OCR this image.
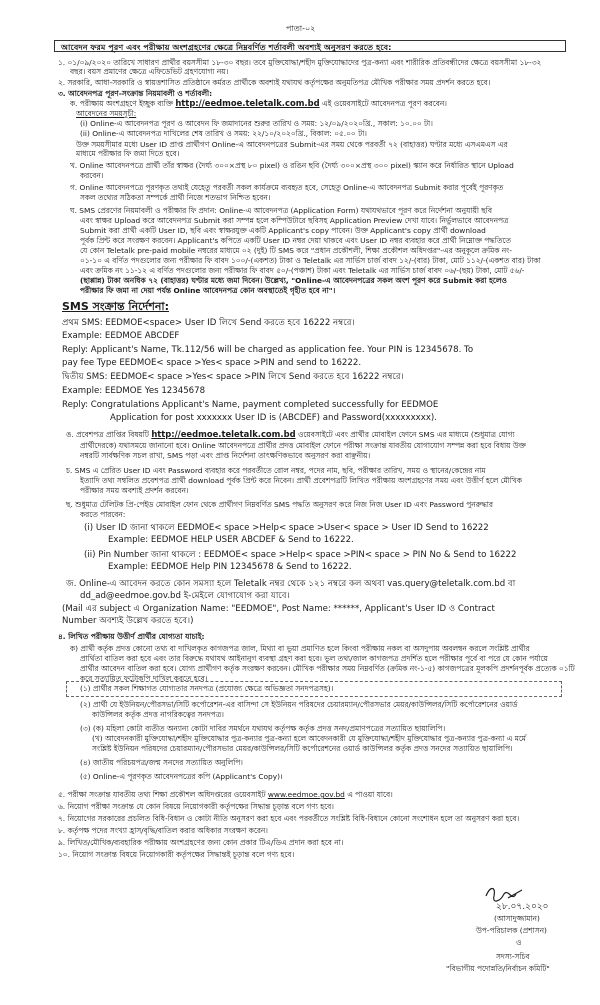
পাতা-০২
আবেদন ফরম পূরণ এবং পরীক্ষায় অংশগ্রহণের ক্ষেত্রে নিম্নবর্ণিত শর্তাবলী অবশ্যই অনুসরণ করতে হবে:
১. ০১/০৯/২০২০ তারিখে সাধারণ প্রার্থীর বয়সসীমা ১৮-৩০ বছর। তবে মুক্তিযোদ্ধা/শহীদ মুক্তিযোদ্ধাদের পুত্র-কন্যা এবং শারীরিক প্রতিবন্ধীদের ক্ষেত্রে বয়সসীমা ১৮-৩২
বছর। বয়স প্রমাণের ক্ষেত্রে এফিডেভিট গ্রহণযোগ্য নয়।
২. সরকারি, আধা-সরকারি ও স্বায়ত্তশাসিত প্রতিষ্ঠানে কর্মরত প্রার্থীকে অবশ্যই যথাযথ কর্তৃপক্ষের অনুমতিপত্র মৌখিক পরীক্ষার সময় প্রদর্শন করতে হবে।
৩. আবেদনপত্র পূরণ-সংক্রান্ত নিয়মাবলী ও শর্তাবলী:
ক. পরীক্ষায় অংশগ্রহণে ইচ্ছুক ব্যক্তি http://eedmoe.teletalk.com.bd এই ওয়েবসাইটে আবেদনপত্র পূরণ করবেন।
আবেদনের সময়সূচী:
(i) Online-এ আবেদনপত্র পূরণ ও আবেদন ফি জমাদানের শুরুর তারিখ ও সময়: ১২/০৯/২০২০খ্রি., সকাল: ১০.০০ টা।
(ii) Online-এ আবেদনপত্র দাখিলের শেষ তারিখ ও সময়: ২২/১০/২০২০খ্রি., বিকাল: ০৫.০০ টা।
উক্ত সময়সীমার মধ্যে User ID প্রাপ্ত প্রার্থীগণ Online-এ আবেদনপত্রের Submit-এর সময় থেকে পরবর্তী ৭২ (বাহাত্তর) ঘণ্টার মধ্যে এসএমএস এর
মাধ্যমে পরীক্ষার ফি জমা দিতে হবে।
খ. Online আবেদনপত্রে প্রার্থী তাঁর স্বাক্ষর (দৈর্ঘ্য ৩০০×প্রস্থ ৮০ pixel) ও রঙিন ছবি (দৈর্ঘ্য ৩০০×প্রস্থ ৩০০ pixel) স্ক্যান করে নির্ধারিত স্থানে Upload
করবেন।
গ. Online আবেদনপত্রে পূরণকৃত তথ্যই যেহেতু পরবর্তী সকল কার্যক্রমে ব্যবহৃত হবে, সেহেতু Online-এ আবেদনপত্র Submit করার পূর্বেই পূরণকৃত
সকল তথ্যের সঠিকতা সম্পর্কে প্রার্থী নিজে শতভাগ নিশ্চিত হবেন।
ঘ. SMS প্রেরণের নিয়মাবলী ও পরীক্ষার ফি প্রদান: Online-এ আবেদনপত্র (Application Form) যথাযথভাবে পূরণ করে নির্দেশনা অনুযায়ী ছবি
এবং স্বাক্ষর Upload করে আবেদনপত্র Submit করা সম্পন্ন হলে কম্পিউটারে ছবিসহ Application Preview দেখা যাবে। নির্ভুলভাবে আবেদনপত্র
Submit করা প্রার্থী একটি User ID, ছবি এবং স্বাক্ষরযুক্ত একটি Applicant's copy পাবেন। উক্ত Applicant's copy প্রার্থী download
পূর্বক প্রিন্ট করে সংরক্ষণ করবেন। Applicant's কপিতে একটি User ID নম্বর দেয়া থাকবে এবং User ID নম্বর ব্যবহার করে প্রার্থী নিম্নোক্ত পদ্ধতিতে
যে কোন Teletalk pre-paid mobile নম্বরের মাধ্যমে ০২ (দুই) টি SMS করে "প্রধান প্রকৌশলী, শিক্ষা প্রকৌশল অধিদপ্তর"-এর অনুকূলে ক্রমিক নং-
০১-১০ এ বর্ণিত পদগুলোর জন্য পরীক্ষার ফি বাবদ ১০০/-(একশত) টাকা ও Teletalk এর সার্ভিস চার্জ বাবদ ১২/-(বার) টাকা, মোট ১১২/-(একশত বার) টাকা
এবং ক্রমিক নং ১১-১২ এ বর্ণিত পদগুলোর জন্য পরীক্ষার ফি বাবদ ৫০/-(পঞ্চাশ) টাকা এবং Teletalk এর সার্ভিস চার্জ বাবদ ০৬/-(ছয়) টাকা, মোট ৫৬/-
(ছাপ্পান্ন) টাকা অনধিক ৭২ (বাহাত্তর) ঘণ্টার মধ্যে জমা দিবেন। উল্লেখ্য, "Online-এ আবেদনপত্রের সকল অংশ পূরণ করে Submit করা হলেও
পরীক্ষার ফি জমা না দেয়া পর্যন্ত Online আবেদনপত্র কোন অবস্থাতেই গৃহীত হবে না"।
SMS সংক্রান্ত নির্দেশনা:
প্রথম SMS: EEDMOE<space> User ID লিখে Send করতে হবে 16222 নম্বরে।
Example: EEDMOE ABCDEF
Reply: Applicant's Name, Tk.112/56 will be charged as application fee. Your PIN is 12345678. To
pay fee Type EEDMOE< space >Yes< space >PIN and send to 16222.
দ্বিতীয় SMS: EEDMOE< space >Yes< space >PIN লিখে Send করতে হবে 16222 নম্বরে।
Example: EEDMOE Yes 12345678
Reply: Congratulations Applicant's Name, payment completed successfully for EEDMOE
Application for post xxxxxxx User ID is (ABCDEF) and Password(xxxxxxxxx).
ঙ. প্রবেশপত্র প্রাপ্তির বিষয়টি http://eedmoe.teletalk.com.bd ওয়েবসাইটে এবং প্রার্থীর মোবাইল ফোনে SMS এর মাধ্যমে (শুধুমাত্র যোগ্য
প্রার্থীদেরকে) যথাসময়ে জানানো হবে। Online আবেদনপত্রে প্রার্থীর প্রদত্ত মোবাইল ফোনে পরীক্ষা সংক্রান্ত যাবতীয় যোগাযোগ সম্পন্ন করা হবে বিধায় উক্ত
নম্বরটি সার্বক্ষণিক সচল রাখা, SMS পড়া এবং প্রাপ্ত নির্দেশনা তাৎক্ষণিকভাবে অনুসরণ করা বাঞ্ছনীয়।
চ. SMS এ প্রেরিত User ID এবং Password ব্যবহার করে পরবর্তীতে রোল নম্বর, পদের নাম, ছবি, পরীক্ষার তারিখ, সময় ও স্থানের/কেন্দ্রের নাম
ইত্যাদি তথ্য সম্বলিত প্রবেশপত্র প্রার্থী download পূর্বক প্রিন্ট করে নিবেন। প্রার্থী প্রবেশপত্রটি লিখিত পরীক্ষায় অংশগ্রহণের সময় এবং উত্তীর্ণ হলে মৌখিক
পরীক্ষার সময় অবশ্যই প্রদর্শন করবেন।
ছ. শুধুমাত্র টেলিটক প্রি-পেইড মোবাইল ফোন থেকে প্রার্থীগণ নিম্নবর্ণিত SMS পদ্ধতি অনুসরণ করে নিজ নিজ User ID এবং Password পুনরুদ্ধার
করতে পারবেন:
(i) User ID জানা থাকলে EEDMOE< space >Help< space >User< space > User ID Send to 16222
Example: EEDMOE HELP USER ABCDEF & Send to 16222.
(ii) Pin Number জানা থাকলে : EEDMOE< space >Help< space >PIN< space > PIN No & Send to 16222
Example: EEDMOE Help PIN 12345678 & Send to 16222.
জ. Online-এ আবেদন করতে কোন সমস্যা হলে Teletalk নম্বর থেকে ১২১ নম্বরে কল অথবা vas.query@teletalk.com.bd বা
dd_ad@eedmoe.gov.bd ই-মেইলে যোগাযোগ করা যাবে।
(Mail এর subject এ Organization Name: "EEDMOE", Post Name: ******, Applicant's User ID ও Contract
Number অবশ্যই উল্লেখ করতে হবে।)
৪. লিখিত পরীক্ষায় উত্তীর্ণ প্রার্থীর যোগ্যতা যাচাই:
ক) প্রার্থী কর্তৃক প্রদত্ত কোনো তথ্য বা দাখিলকৃত কাগজপত্র জাল, মিথ্যা বা ভুয়া প্রমাণিত হলে কিংবা পরীক্ষায় নকল বা অসদুপায় অবলম্বন করলে সংশ্লিষ্ট প্রার্থীর
প্রার্থিতা বাতিল করা হবে এবং তার বিরুদ্ধে যথাযথ আইনানুগ ব্যবস্থা গ্রহণ করা হবে। ভুল তথ্য/জাল কাগজপত্র প্রদর্শিত হলে পরীক্ষার পূর্বে বা পরে যে কোন পর্যায়ে
প্রার্থীর আবেদন বাতিল করা হবে। যোগ্য প্রার্থীগণ কর্তৃক সংরক্ষণ করবেন। মৌখিক পরীক্ষার সময় নিম্নবর্ণিত (ক্রমিক নং-১-৫) কাগজপত্রের মূলকপি প্রদর্শনপূর্বক প্রত্যেক ০১টি
করে সত্যায়িত ফটোকপি দাখিল করতে হবে।
(১) প্রার্থীর সকল শিক্ষাগত যোগ্যতার সনদপত্র (প্রযোজ্য ক্ষেত্রে অভিজ্ঞতা সনদপত্রসহ)।
(২) প্রার্থী যে ইউনিয়ন/পৌরসভা/সিটি কর্পোরেশন-এর বাসিন্দা সে ইউনিয়ন পরিষদের চেয়ারম্যান/পৌরসভার মেয়র/কাউন্সিলর/সিটি কর্পোরেশনের ওয়ার্ড
কাউন্সিলর কর্তৃক প্রদত্ত নাগরিকত্বের সনদপত্র।
(৩) (ক) মহিলা কোটা ব্যতীত অন্যান্য কোটা দাবির সমর্থনে যথাযথ কর্তৃপক্ষ কর্তৃক প্রদত্ত সনদ/প্রমাণপত্রের সত্যায়িত ছায়ালিপি।
(খ) আবেদনকারী মুক্তিযোদ্ধা/শহীদ মুক্তিযোদ্ধার পুত্র-কন্যার পুত্র-কন্যা হলে আবেদনকারী যে মুক্তিযোদ্ধা/শহীদ মুক্তিযোদ্ধার পুত্র-কন্যার পুত্র-কন্যা এ মর্মে
সংশ্লিষ্ট ইউনিয়ন পরিষদের চেয়ারম্যান/পৌরসভার মেয়র/কাউন্সিলর/সিটি কর্পোরেশনের ওয়ার্ড কাউন্সিলর কর্তৃক প্রদত্ত সনদের সত্যায়িত ছায়ালিপি।
(৪) জাতীয় পরিচয়পত্র/জন্ম সনদের সত্যায়িত অনুলিপি।
(৫) Online-এ পূরণকৃত আবেদনপত্রের কপি (Applicant's Copy)।
৫. পরীক্ষা সংক্রান্ত যাবতীয় তথ্য শিক্ষা প্রকৌশল অধিদপ্তরের ওয়েবসাইট www.eedmoe.gov.bd এ পাওয়া যাবে।
৬. নিয়োগ পরীক্ষা সংক্রান্ত যে কোন বিষয়ে নিয়োগকারী কর্তৃপক্ষের সিদ্ধান্ত চূড়ান্ত বলে গণ্য হবে।
৭. নিয়োগের সরকারের প্রচলিত বিধি-বিধান ও কোটা নীতি অনুসরণ করা হবে এবং পরবর্তীতে সংশ্লিষ্ট বিধি-বিধানে কোনো সংশোধন হলে তা অনুসরণ করা হবে।
৮. কর্তৃপক্ষ পদের সংখ্যা হ্রাস/বৃদ্ধি/বাতিল করার অধিকার সংরক্ষণ করেন।
৯. লিখিত/মৌখিক/ব্যবহারিক পরীক্ষায় অংশগ্রহণের জন্য কোন প্রকার টিএ/ডিএ প্রদান করা হবে না।
১০. নিয়োগ সংক্রান্ত বিষয়ে নিয়োগকারী কর্তৃপক্ষের সিদ্ধান্তই চূড়ান্ত বলে গণ্য হবে।
২৮.০৭.২০২০
(আসাদুজ্জামান)
উপ-পরিচালক (প্রশাসন)
ও
সদস্য-সচিব
"বিভাগীয় পদোন্নতি/নির্বাচন কমিটি"
